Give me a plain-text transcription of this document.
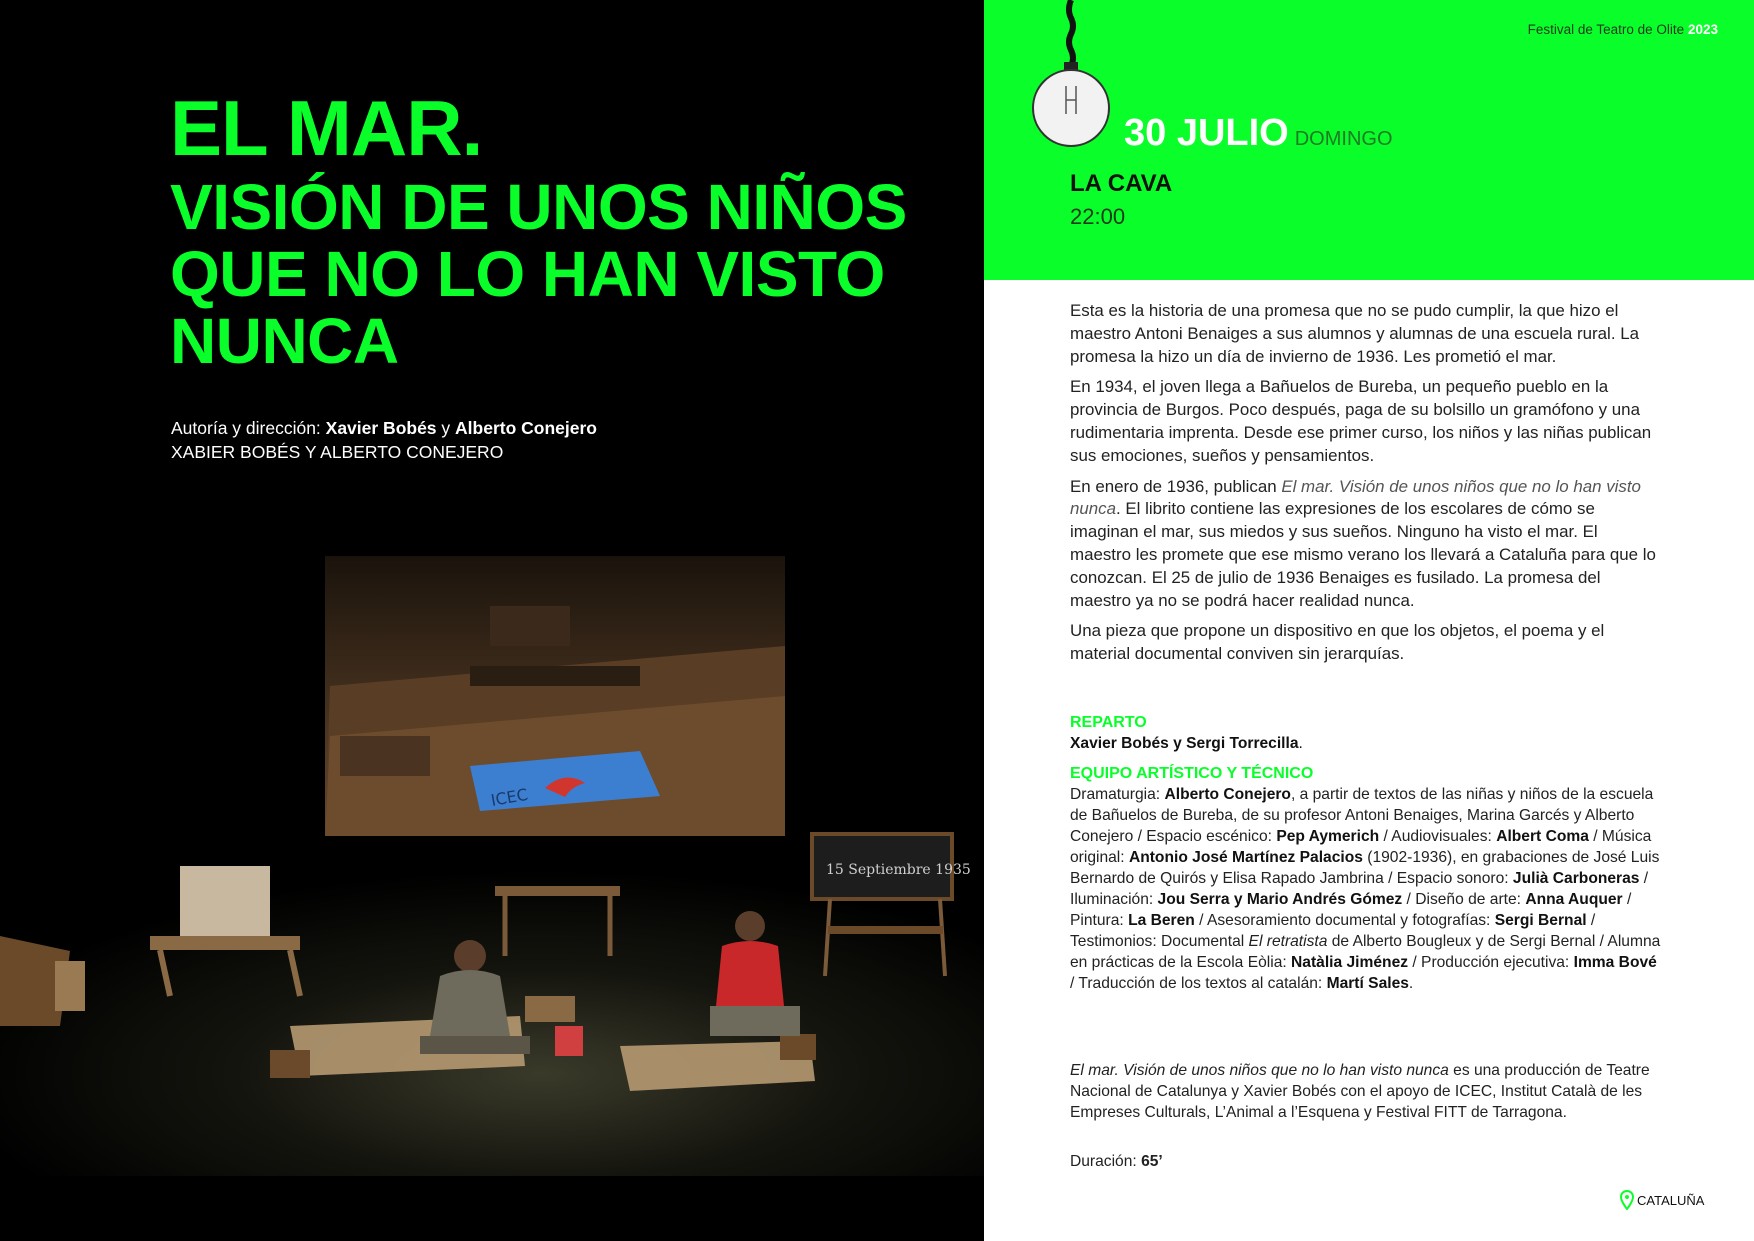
EL MAR.
VISIÓN DE UNOS NIÑOS QUE NO LO HAN VISTO NUNCA
Autoría y dirección: Xavier Bobés y Alberto Conejero
XABIER BOBÉS Y ALBERTO CONEJERO
ICEC
15 Septiembre 1935
Festival de Teatro de Olite 2023
30 JULIO DOMINGO
LA CAVA
22:00

Esta es la historia de una promesa que no se pudo cumplir, la que hizo el maestro Antoni Benaiges a sus alumnos y alumnas de una escuela rural. La promesa la hizo un día de invierno de 1936. Les prometió el mar.

En 1934, el joven llega a Bañuelos de Bureba, un pequeño pueblo en la provincia de Burgos. Poco después, paga de su bolsillo un gramófono y una rudimentaria imprenta. Desde ese primer curso, los niños y las niñas publican sus emociones, sueños y pensamientos.

En enero de 1936, publican El mar. Visión de unos niños que no lo han visto nunca. El librito contiene las expresiones de los escolares de cómo se imaginan el mar, sus miedos y sus sueños. Ninguno ha visto el mar. El maestro les promete que ese mismo verano los llevará a Cataluña para que lo conozcan. El 25 de julio de 1936 Benaiges es fusilado. La promesa del maestro ya no se podrá hacer realidad nunca.

Una pieza que propone un dispositivo en que los objetos, el poema y el material documental conviven sin jerarquías.

REPARTO
Xavier Bobés y Sergi Torrecilla.
EQUIPO ARTÍSTICO Y TÉCNICO
Dramaturgia: Alberto Conejero, a partir de textos de las niñas y niños de la escuela de Bañuelos de Bureba, de su profesor Antoni Benaiges, Marina Garcés y Alberto Conejero / Espacio escénico: Pep Aymerich / Audiovisuales: Albert Coma / Música original: Antonio José Martínez Palacios (1902-1936), en grabaciones de José Luis Bernardo de Quirós y Elisa Rapado Jambrina / Espacio sonoro: Julià Carboneras / Iluminación: Jou Serra y Mario Andrés Gómez / Diseño de arte: Anna Auquer / Pintura: La Beren / Asesoramiento documental y fotografías: Sergi Bernal / Testimonios: Documental El retratista de Alberto Bougleux y de Sergi Bernal / Alumna en prácticas de la Escola Eòlia: Natàlia Jiménez / Producción ejecutiva: Imma Bové / Traducción de los textos al catalán: Martí Sales.
El mar. Visión de unos niños que no lo han visto nunca es una producción de Teatre Nacional de Catalunya y Xavier Bobés con el apoyo de ICEC, Institut Català de les Empreses Culturals, L’Animal a l’Esquena y Festival FITT de Tarragona.
Duración: 65’
CATALUÑA
